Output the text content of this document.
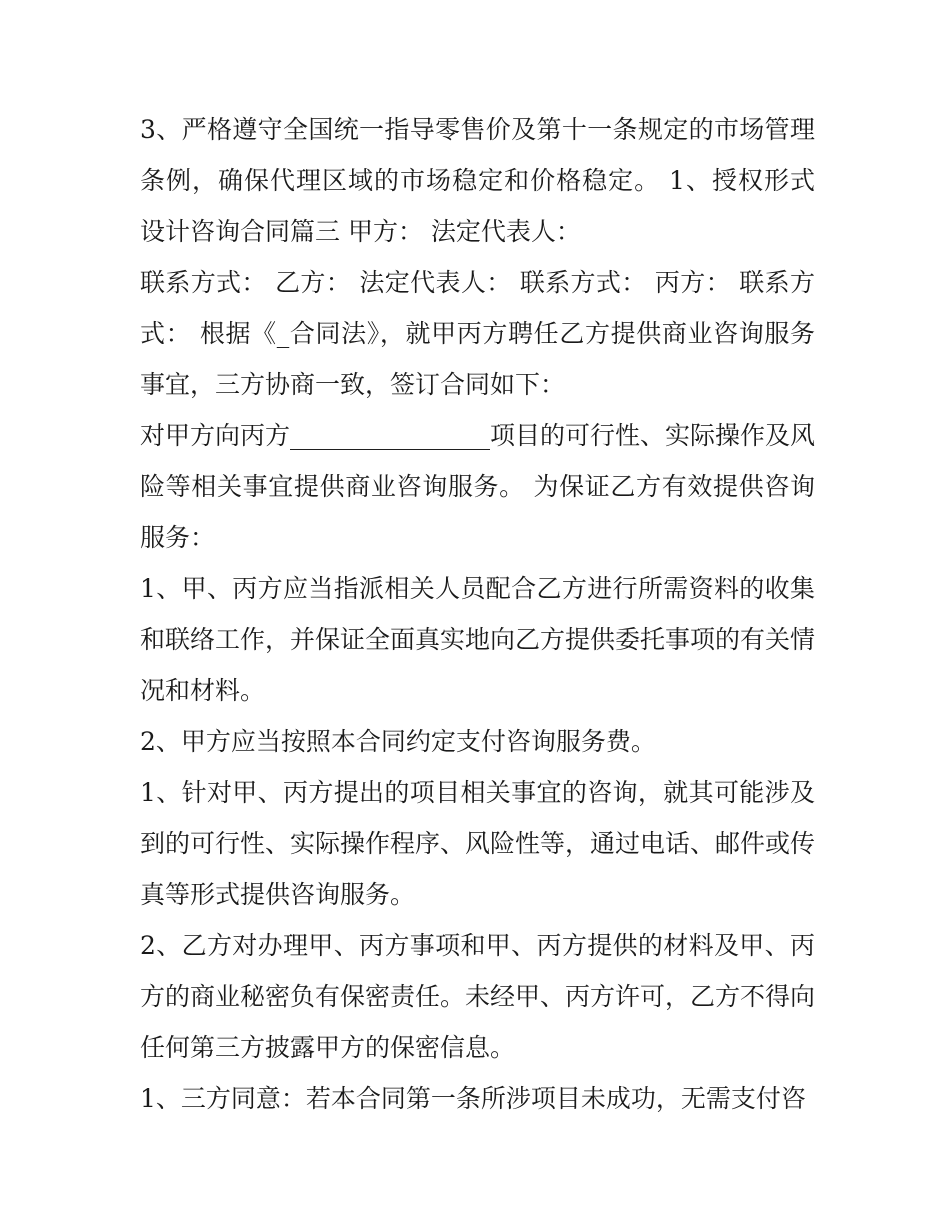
3、严格遵守全国统一指导零售价及第十一条规定的市场管理条例，确保代理区域的市场稳定和价格稳定。 1、授权形式 设计咨询合同篇三 甲方： 法定代表人：

联系方式： 乙方： 法定代表人： 联系方式： 丙方： 联系方式： 根据《_合同法》，就甲丙方聘任乙方提供商业咨询服务事宜，三方协商一致，签订合同如下：

对甲方向丙方________________项目的可行性、实际操作及风险等相关事宜提供商业咨询服务。 为保证乙方有效提供咨询服务：

1、甲、丙方应当指派相关人员配合乙方进行所需资料的收集和联络工作，并保证全面真实地向乙方提供委托事项的有关情况和材料。

2、甲方应当按照本合同约定支付咨询服务费。

1、针对甲、丙方提出的项目相关事宜的咨询，就其可能涉及到的可行性、实际操作程序、风险性等，通过电话、邮件或传真等形式提供咨询服务。

2、乙方对办理甲、丙方事项和甲、丙方提供的材料及甲、丙方的商业秘密负有保密责任。未经甲、丙方许可，乙方不得向任何第三方披露甲方的保密信息。

1、三方同意：若本合同第一条所涉项目未成功，无需支付咨
